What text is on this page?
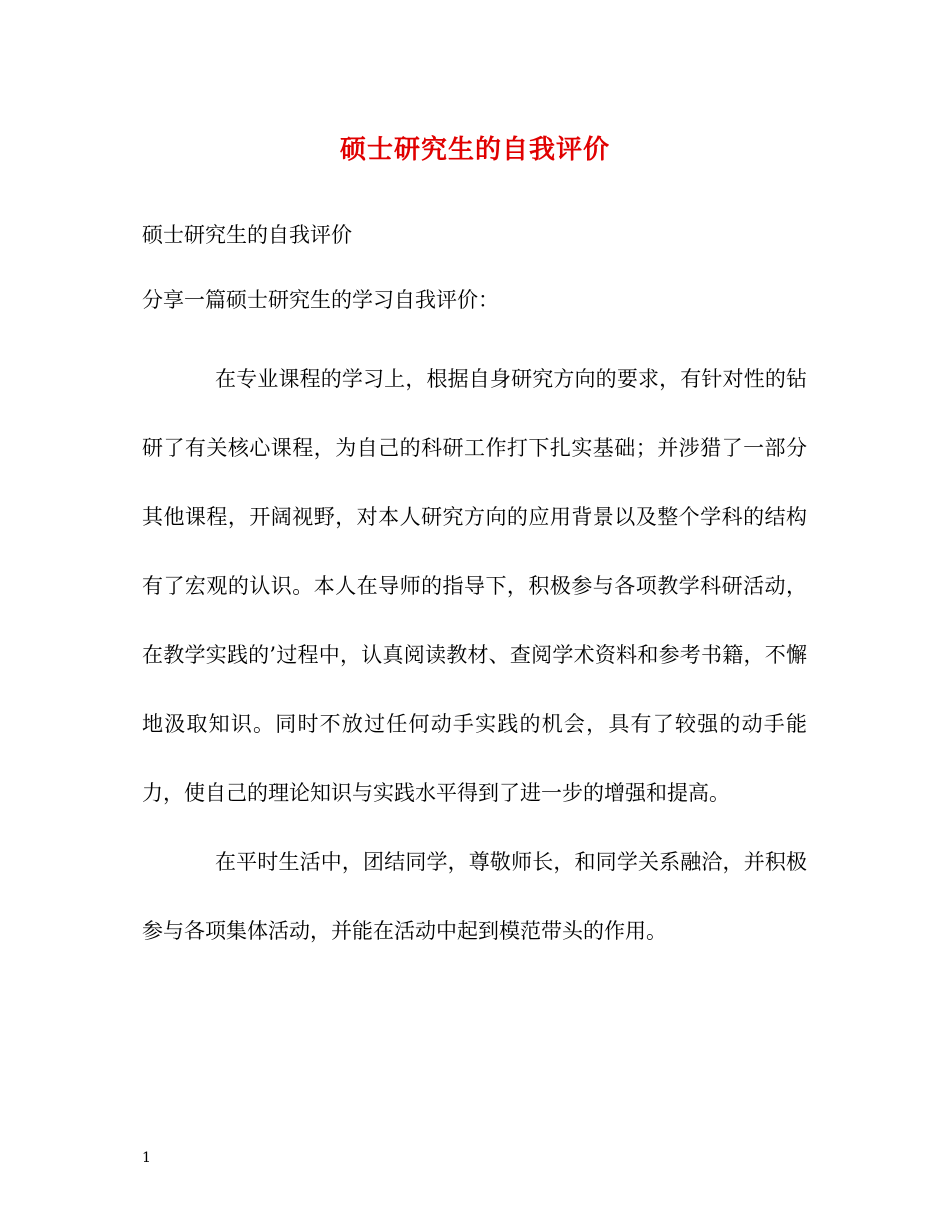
硕士研究生的自我评价
硕士研究生的自我评价
分享一篇硕士研究生的学习自我评价：

在专业课程的学习上，根据自身研究方向的要求，有针对性的钻研了有关核心课程，为自己的科研工作打下扎实基础；并涉猎了一部分其他课程，开阔视野，对本人研究方向的应用背景以及整个学科的结构有了宏观的认识。本人在导师的指导下，积极参与各项教学科研活动，在教学实践的’过程中，认真阅读教材、查阅学术资料和参考书籍，不懈地汲取知识。同时不放过任何动手实践的机会，具有了较强的动手能力，使自己的理论知识与实践水平得到了进一步的增强和提高。

在平时生活中，团结同学，尊敬师长，和同学关系融洽，并积极参与各项集体活动，并能在活动中起到模范带头的作用。

1
